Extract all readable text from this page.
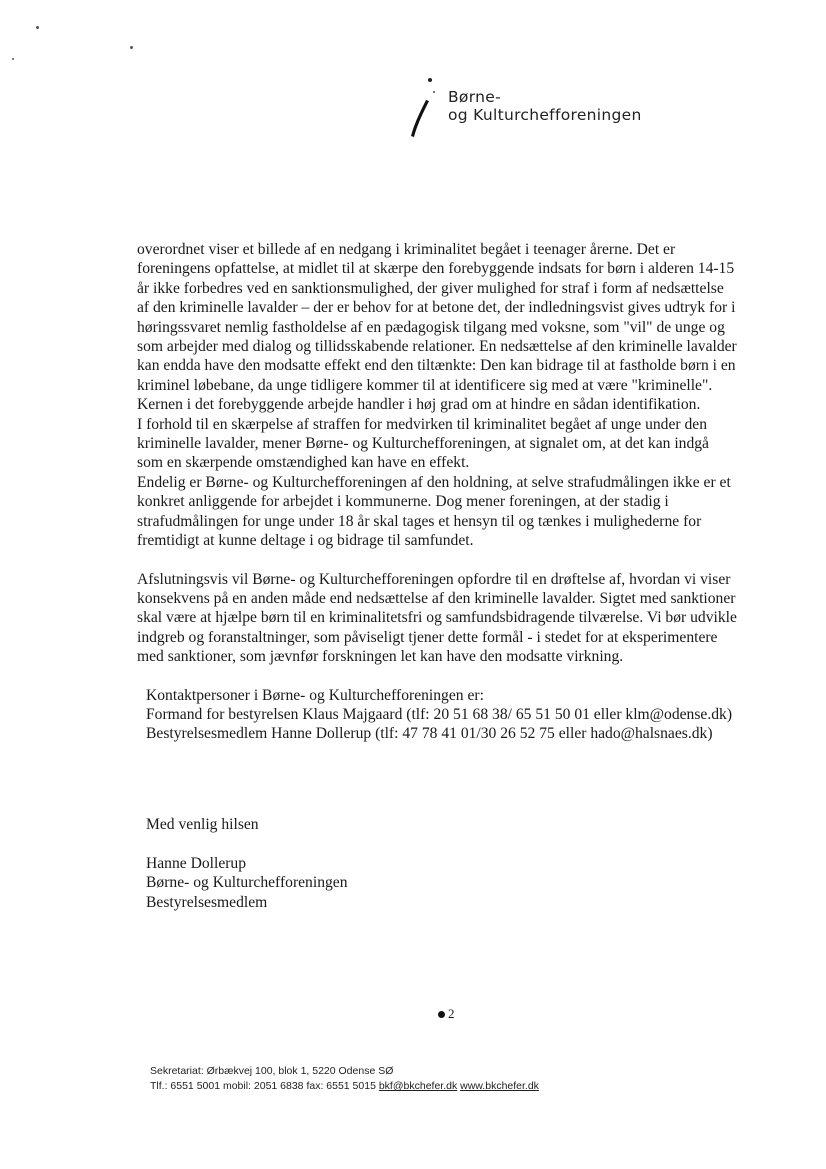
Børne-
og Kulturchefforeningen

overordnet viser et billede af en nedgang i kriminalitet begået i teenager årerne. Det er foreningens opfattelse, at midlet til at skærpe den forebyggende indsats for børn i alderen 14-15 år ikke forbedres ved en sanktionsmulighed, der giver mulighed for straf i form af nedsættelse af den kriminelle lavalder – der er behov for at betone det, der indledningsvist gives udtryk for i høringssvaret nemlig fastholdelse af en pædagogisk tilgang med voksne, som "vil" de unge og som arbejder med dialog og tillidsskabende relationer. En nedsættelse af den kriminelle lavalder kan endda have den modsatte effekt end den tiltænkte: Den kan bidrage til at fastholde børn i en kriminel løbebane, da unge tidligere kommer til at identificere sig med at være "kriminelle". Kernen i det forebyggende arbejde handler i høj grad om at hindre en sådan identifikation.

I forhold til en skærpelse af straffen for medvirken til kriminalitet begået af unge under den kriminelle lavalder, mener Børne- og Kulturchefforeningen, at signalet om, at det kan indgå som en skærpende omstændighed kan have en effekt.

Endelig er Børne- og Kulturchefforeningen af den holdning, at selve strafudmålingen ikke er et konkret anliggende for arbejdet i kommunerne. Dog mener foreningen, at der stadig i strafudmålingen for unge under 18 år skal tages et hensyn til og tænkes i mulighederne for fremtidigt at kunne deltage i og bidrage til samfundet.

Afslutningsvis vil Børne- og Kulturchefforeningen opfordre til en drøftelse af, hvordan vi viser konsekvens på en anden måde end nedsættelse af den kriminelle lavalder. Sigtet med sanktioner skal være at hjælpe børn til en kriminalitetsfri og samfundsbidragende tilværelse. Vi bør udvikle indgreb og foranstaltninger, som påviseligt tjener dette formål - i stedet for at eksperimentere med sanktioner, som jævnfør forskningen let kan have den modsatte virkning.

Kontaktpersoner i Børne- og Kulturchefforeningen er:

Formand for bestyrelsen Klaus Majgaard (tlf: 20 51 68 38/ 65 51 50 01 eller klm@odense.dk)

Bestyrelsesmedlem Hanne Dollerup (tlf: 47 78 41 01/30 26 52 75 eller hado@halsnaes.dk)

Med venlig hilsen

Hanne Dollerup

Børne- og Kulturchefforeningen

Bestyrelsesmedlem

2

Sekretariat: Ørbækvej 100, blok 1, 5220 Odense SØ

Tlf.: 6551 5001 mobil: 2051 6838 fax: 6551 5015 bkf@bkchefer.dk www.bkchefer.dk
